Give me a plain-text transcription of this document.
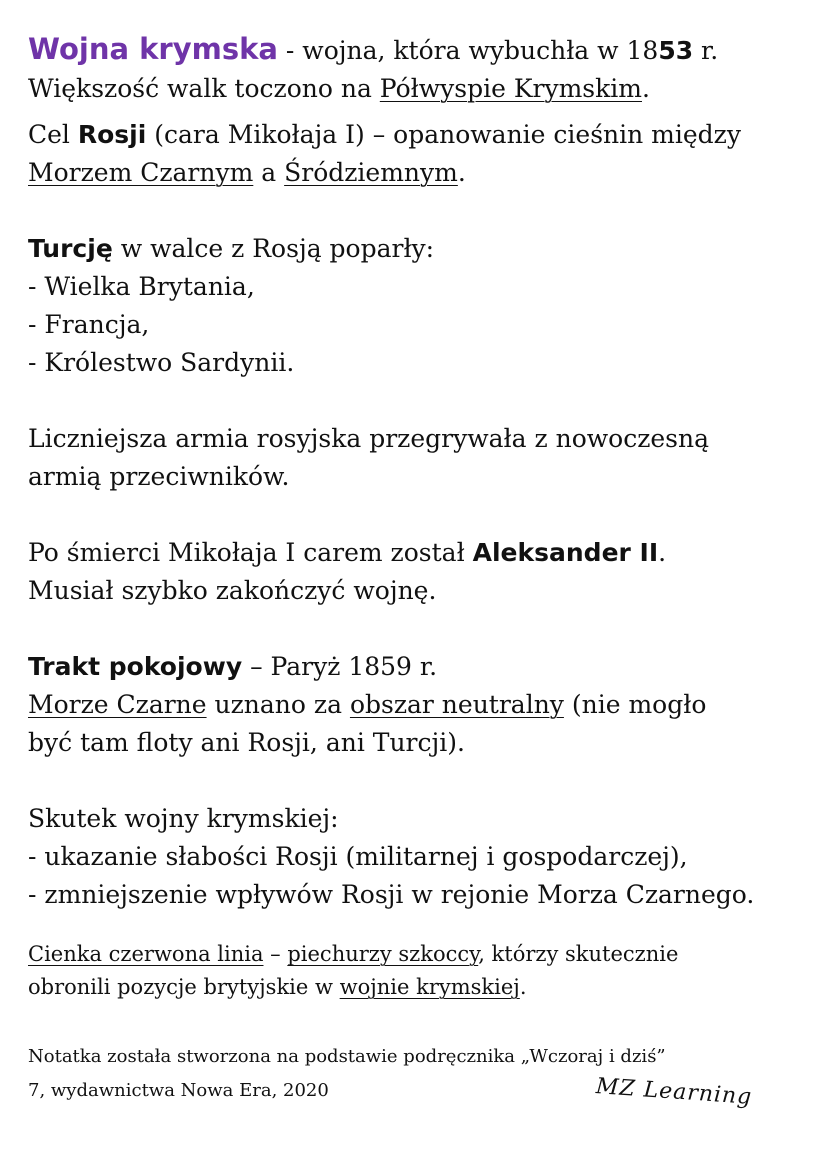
Wojna krymska - wojna, która wybuchła w 1853 r.

Większość walk toczono na Półwyspie Krymskim.

Cel Rosji (cara Mikołaja I) – opanowanie cieśnin między

Morzem Czarnym a Śródziemnym.

Turcję w walce z Rosją poparły:

- Wielka Brytania,

- Francja,

- Królestwo Sardynii.

Liczniejsza armia rosyjska przegrywała z nowoczesną

armią przeciwników.

Po śmierci Mikołaja I carem został Aleksander II.

Musiał szybko zakończyć wojnę.

Trakt pokojowy – Paryż 1859 r.

Morze Czarne uznano za obszar neutralny (nie mogło

być tam floty ani Rosji, ani Turcji).

Skutek wojny krymskiej:

- ukazanie słabości Rosji (militarnej i gospodarczej),

- zmniejszenie wpływów Rosji w rejonie Morza Czarnego.

Cienka czerwona linia – piechurzy szkoccy, którzy skutecznie

obronili pozycje brytyjskie w wojnie krymskiej.

Notatka została stworzona na podstawie podręcznika „Wczoraj i dziś”

7, wydawnictwa Nowa Era, 2020	MZ Learning
